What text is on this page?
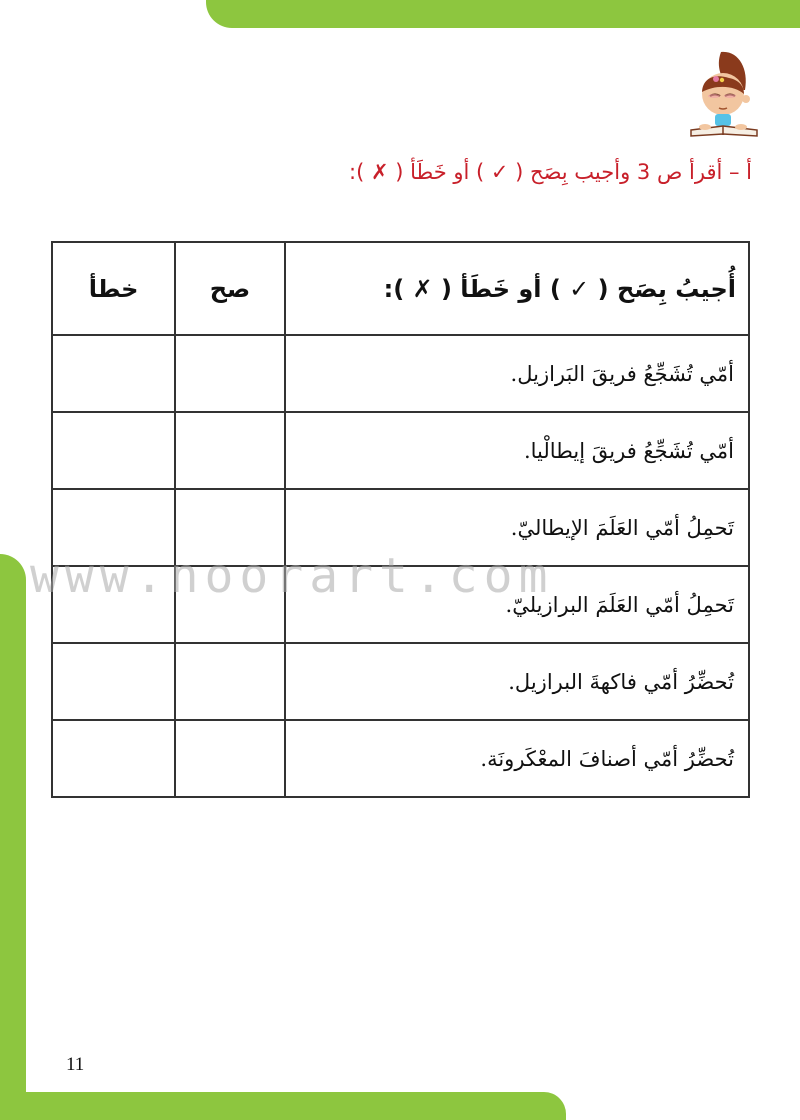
أ – أقرأ ص 3 وأجيب بِصَح ( ✓ ) أو خَطَأ ( ✗ ):
أُجيبُ بِصَح ( ✓ ) أو خَطَأ ( ✗ ):	صح	خطأ
أمّي تُشَجِّعُ فريقَ البَرازيل.		
أمّي تُشَجِّعُ فريقَ إيطالْيا.		
تَحمِلُ أمّي العَلَمَ الإيطاليّ.		
تَحمِلُ أمّي العَلَمَ البرازيليّ.		
تُحضِّرُ أمّي فاكهةَ البرازيل.		
تُحضِّرُ أمّي أصنافَ المعْكَرونَة.		
www.noorart.com
11
